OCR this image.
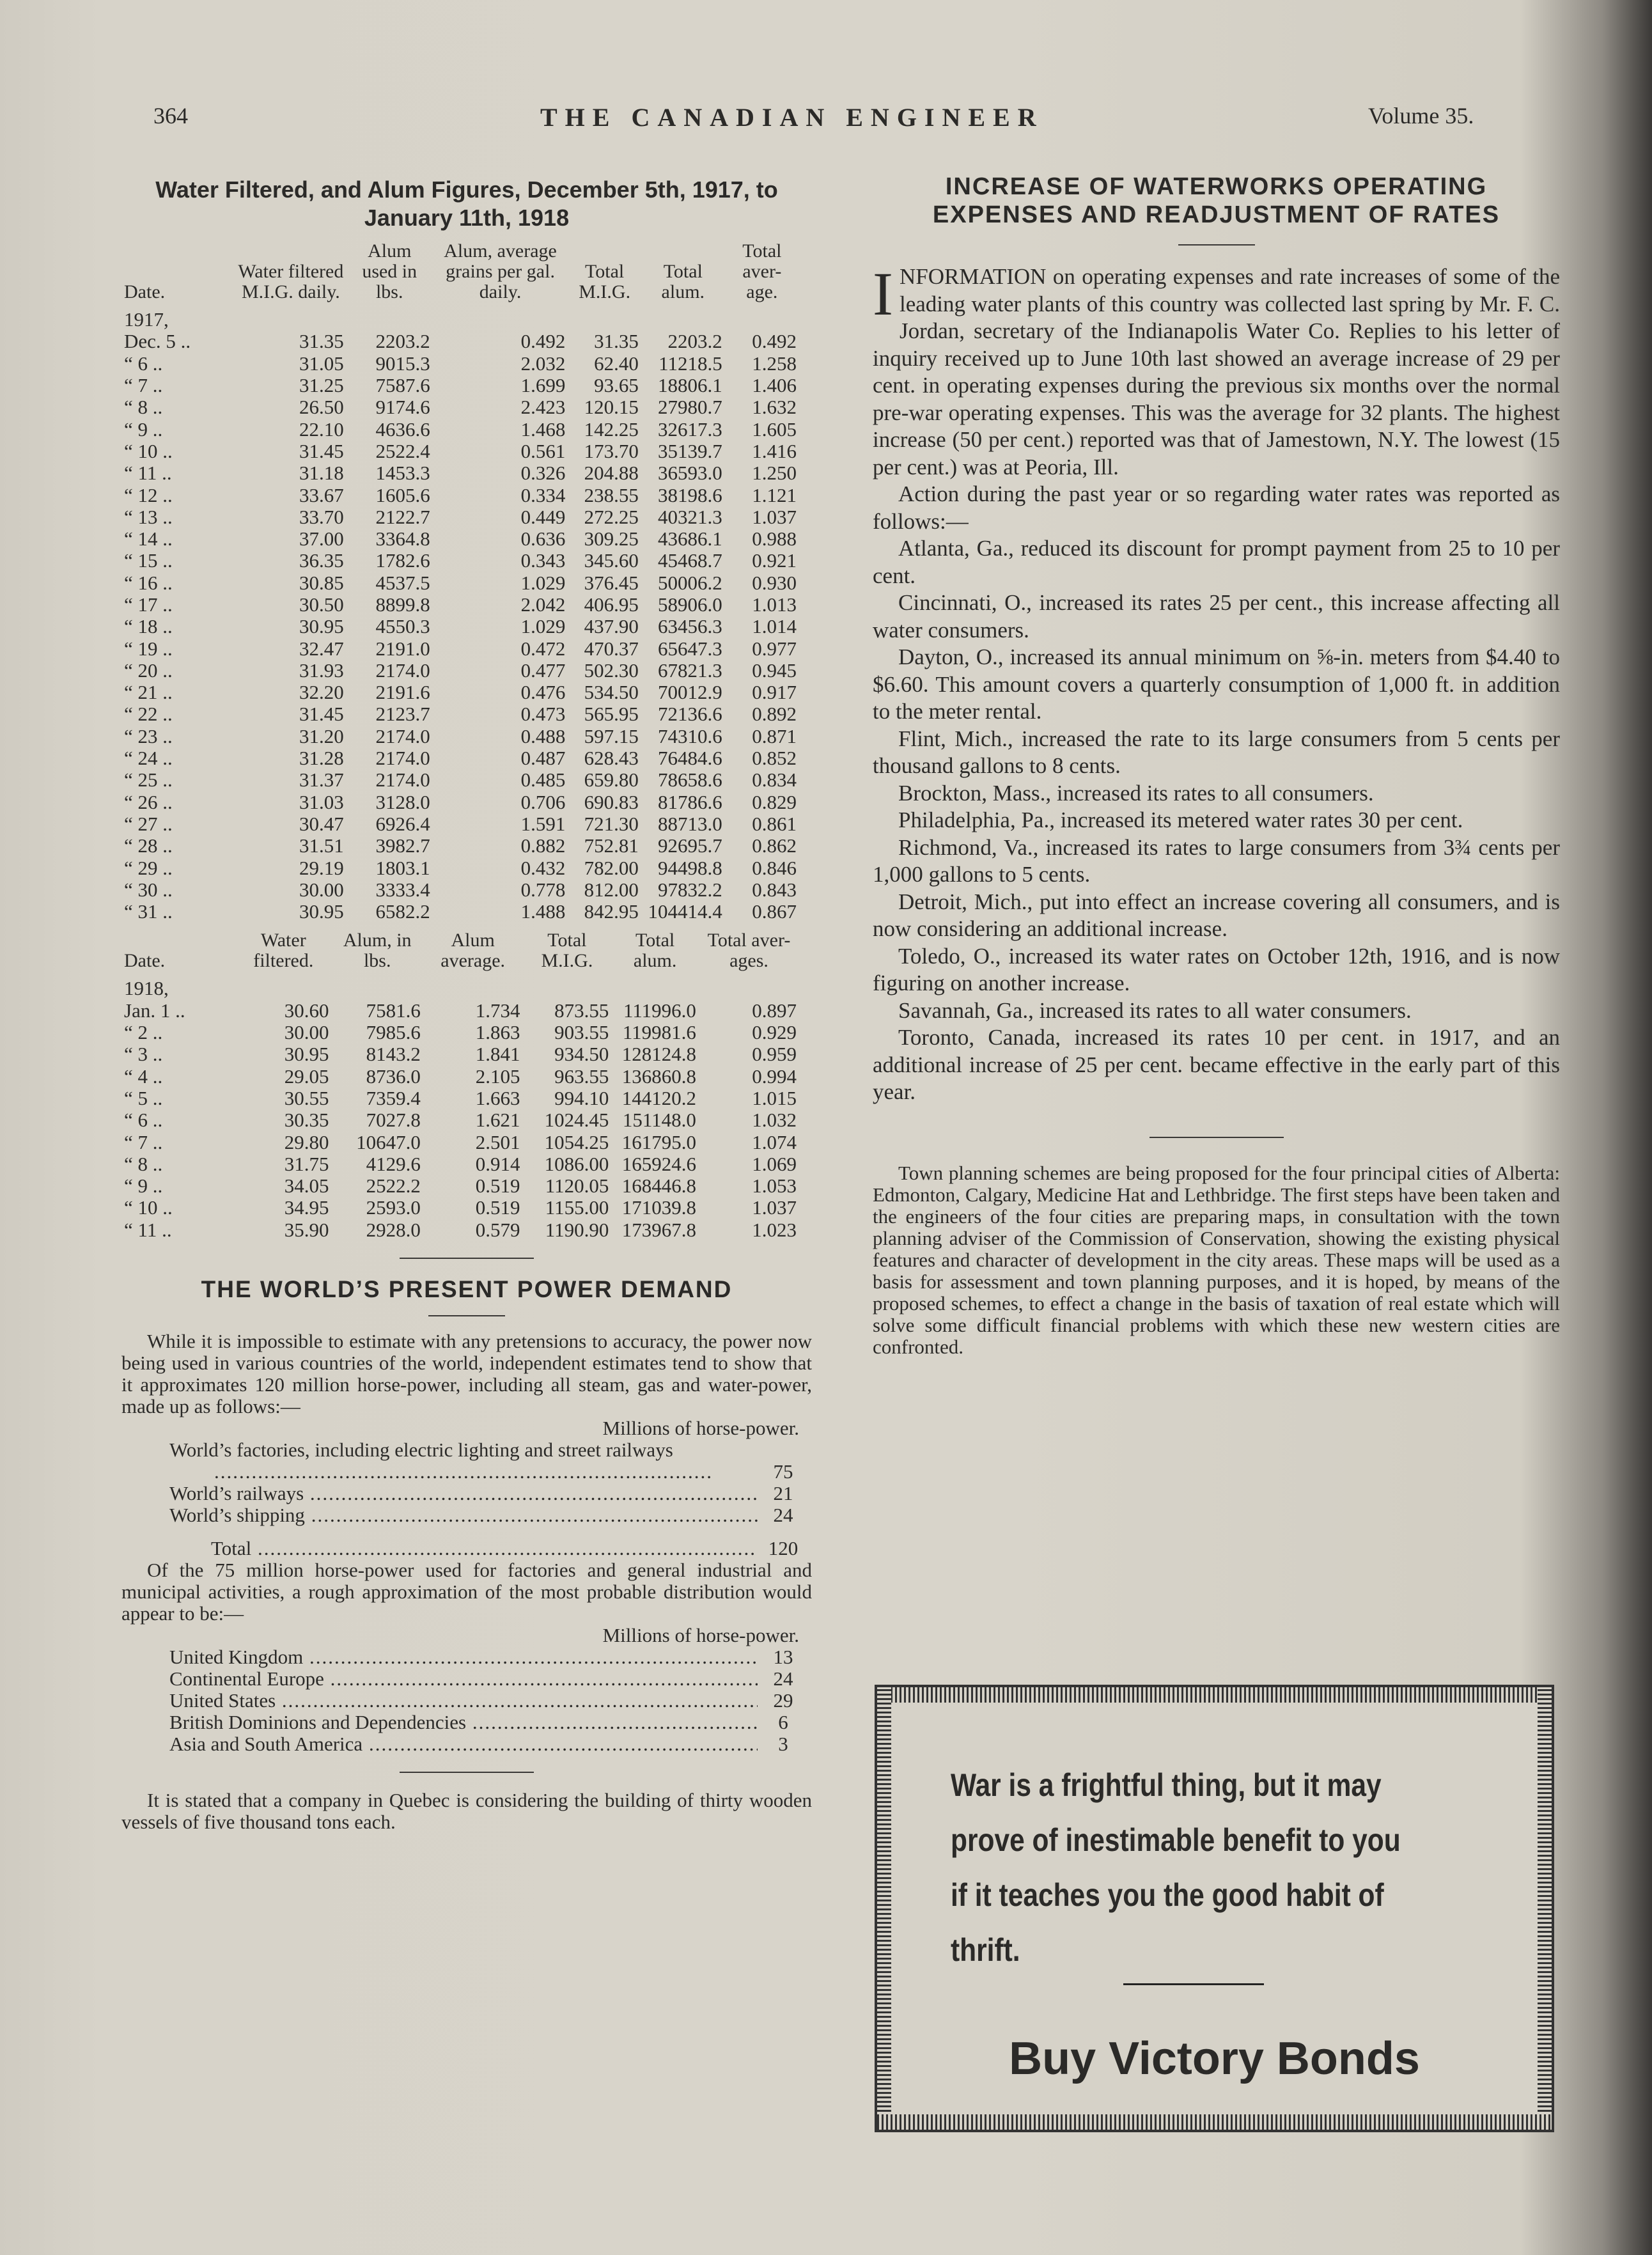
364	THE CANADIAN ENGINEER	Volume 35.
Water Filtered, and Alum Figures, December 5th, 1917, to January 11th, 1918
Date.	Water filtered M.I.G. daily.	Alum used in lbs.	Alum, average grains per gal. daily.	Total M.I.G.	Total alum.	Total aver- age.
1917,						
Dec. 5 ..	31.35	2203.2	0.492	31.35	2203.2	0.492
“ 6 ..	31.05	9015.3	2.032	62.40	11218.5	1.258
“ 7 ..	31.25	7587.6	1.699	93.65	18806.1	1.406
“ 8 ..	26.50	9174.6	2.423	120.15	27980.7	1.632
“ 9 ..	22.10	4636.6	1.468	142.25	32617.3	1.605
“ 10 ..	31.45	2522.4	0.561	173.70	35139.7	1.416
“ 11 ..	31.18	1453.3	0.326	204.88	36593.0	1.250
“ 12 ..	33.67	1605.6	0.334	238.55	38198.6	1.121
“ 13 ..	33.70	2122.7	0.449	272.25	40321.3	1.037
“ 14 ..	37.00	3364.8	0.636	309.25	43686.1	0.988
“ 15 ..	36.35	1782.6	0.343	345.60	45468.7	0.921
“ 16 ..	30.85	4537.5	1.029	376.45	50006.2	0.930
“ 17 ..	30.50	8899.8	2.042	406.95	58906.0	1.013
“ 18 ..	30.95	4550.3	1.029	437.90	63456.3	1.014
“ 19 ..	32.47	2191.0	0.472	470.37	65647.3	0.977
“ 20 ..	31.93	2174.0	0.477	502.30	67821.3	0.945
“ 21 ..	32.20	2191.6	0.476	534.50	70012.9	0.917
“ 22 ..	31.45	2123.7	0.473	565.95	72136.6	0.892
“ 23 ..	31.20	2174.0	0.488	597.15	74310.6	0.871
“ 24 ..	31.28	2174.0	0.487	628.43	76484.6	0.852
“ 25 ..	31.37	2174.0	0.485	659.80	78658.6	0.834
“ 26 ..	31.03	3128.0	0.706	690.83	81786.6	0.829
“ 27 ..	30.47	6926.4	1.591	721.30	88713.0	0.861
“ 28 ..	31.51	3982.7	0.882	752.81	92695.7	0.862
“ 29 ..	29.19	1803.1	0.432	782.00	94498.8	0.846
“ 30 ..	30.00	3333.4	0.778	812.00	97832.2	0.843
“ 31 ..	30.95	6582.2	1.488	842.95	104414.4	0.867
Date.	Water filtered.	Alum, in lbs.	Alum average.	Total M.I.G.	Total alum.	Total aver- ages.
1918,						
Jan. 1 ..	30.60	7581.6	1.734	873.55	111996.0	0.897
“ 2 ..	30.00	7985.6	1.863	903.55	119981.6	0.929
“ 3 ..	30.95	8143.2	1.841	934.50	128124.8	0.959
“ 4 ..	29.05	8736.0	2.105	963.55	136860.8	0.994
“ 5 ..	30.55	7359.4	1.663	994.10	144120.2	1.015
“ 6 ..	30.35	7027.8	1.621	1024.45	151148.0	1.032
“ 7 ..	29.80	10647.0	2.501	1054.25	161795.0	1.074
“ 8 ..	31.75	4129.6	0.914	1086.00	165924.6	1.069
“ 9 ..	34.05	2522.2	0.519	1120.05	168446.8	1.053
“ 10 ..	34.95	2593.0	0.519	1155.00	171039.8	1.037
“ 11 ..	35.90	2928.0	0.579	1190.90	173967.8	1.023
THE WORLD’S PRESENT POWER DEMAND

While it is impossible to estimate with any pretensions to accuracy, the power now being used in various countries of the world, independent estimates tend to show that it approximates 120 million horse-power, including all steam, gas and water-power, made up as follows:—

Millions of horse-power.
World’s factories, including electric lighting and street railways .....
75
World’s railways .....	21
World’s shipping .....	24
Total .....	120

Of the 75 million horse-power used for factories and general industrial and municipal activities, a rough approximation of the most probable distribution would appear to be:—

Millions of horse-power.
United Kingdom .....	13
Continental Europe .....	24
United States .....	29
British Dominions and Dependencies .....	6
Asia and South America .....	3

It is stated that a company in Quebec is considering the building of thirty wooden vessels of five thousand tons each.

INCREASE OF WATERWORKS OPERATING EXPENSES AND READJUSTMENT OF RATES

INFORMATION on operating expenses and rate increases of some of the leading water plants of this country was collected last spring by Mr. F. C. Jordan, secretary of the Indianapolis Water Co. Replies to his letter of inquiry received up to June 10th last showed an average increase of 29 per cent. in operating expenses during the previous six months over the normal pre-war operating expenses. This was the average for 32 plants. The highest increase (50 per cent.) reported was that of Jamestown, N.Y. The lowest (15 per cent.) was at Peoria, Ill.

Action during the past year or so regarding water rates was reported as follows:—

Atlanta, Ga., reduced its discount for prompt payment from 25 to 10 per cent.

Cincinnati, O., increased its rates 25 per cent., this increase affecting all water consumers.

Dayton, O., increased its annual minimum on ⅝-in. meters from $4.40 to $6.60. This amount covers a quarterly consumption of 1,000 ft. in addition to the meter rental.

Flint, Mich., increased the rate to its large consumers from 5 cents per thousand gallons to 8 cents.

Brockton, Mass., increased its rates to all consumers.

Philadelphia, Pa., increased its metered water rates 30 per cent.

Richmond, Va., increased its rates to large consumers from 3¾ cents per 1,000 gallons to 5 cents.

Detroit, Mich., put into effect an increase covering all consumers, and is now considering an additional increase.

Toledo, O., increased its water rates on October 12th, 1916, and is now figuring on another increase.

Savannah, Ga., increased its rates to all water consumers.

Toronto, Canada, increased its rates 10 per cent. in 1917, and an additional increase of 25 per cent. became effective in the early part of this year.

Town planning schemes are being proposed for the four principal cities of Alberta: Edmonton, Calgary, Medicine Hat and Lethbridge. The first steps have been taken and the engineers of the four cities are preparing maps, in consultation with the town planning adviser of the Commission of Conservation, showing the existing physical features and character of development in the city areas. These maps will be used as a basis for assessment and town planning purposes, and it is hoped, by means of the proposed schemes, to effect a change in the basis of taxation of real estate which will solve some difficult financial problems with which these new western cities are confronted.

War is a frightful thing, but it may prove of inestimable benefit to you if it teaches you the good habit of thrift.
Buy Victory Bonds
